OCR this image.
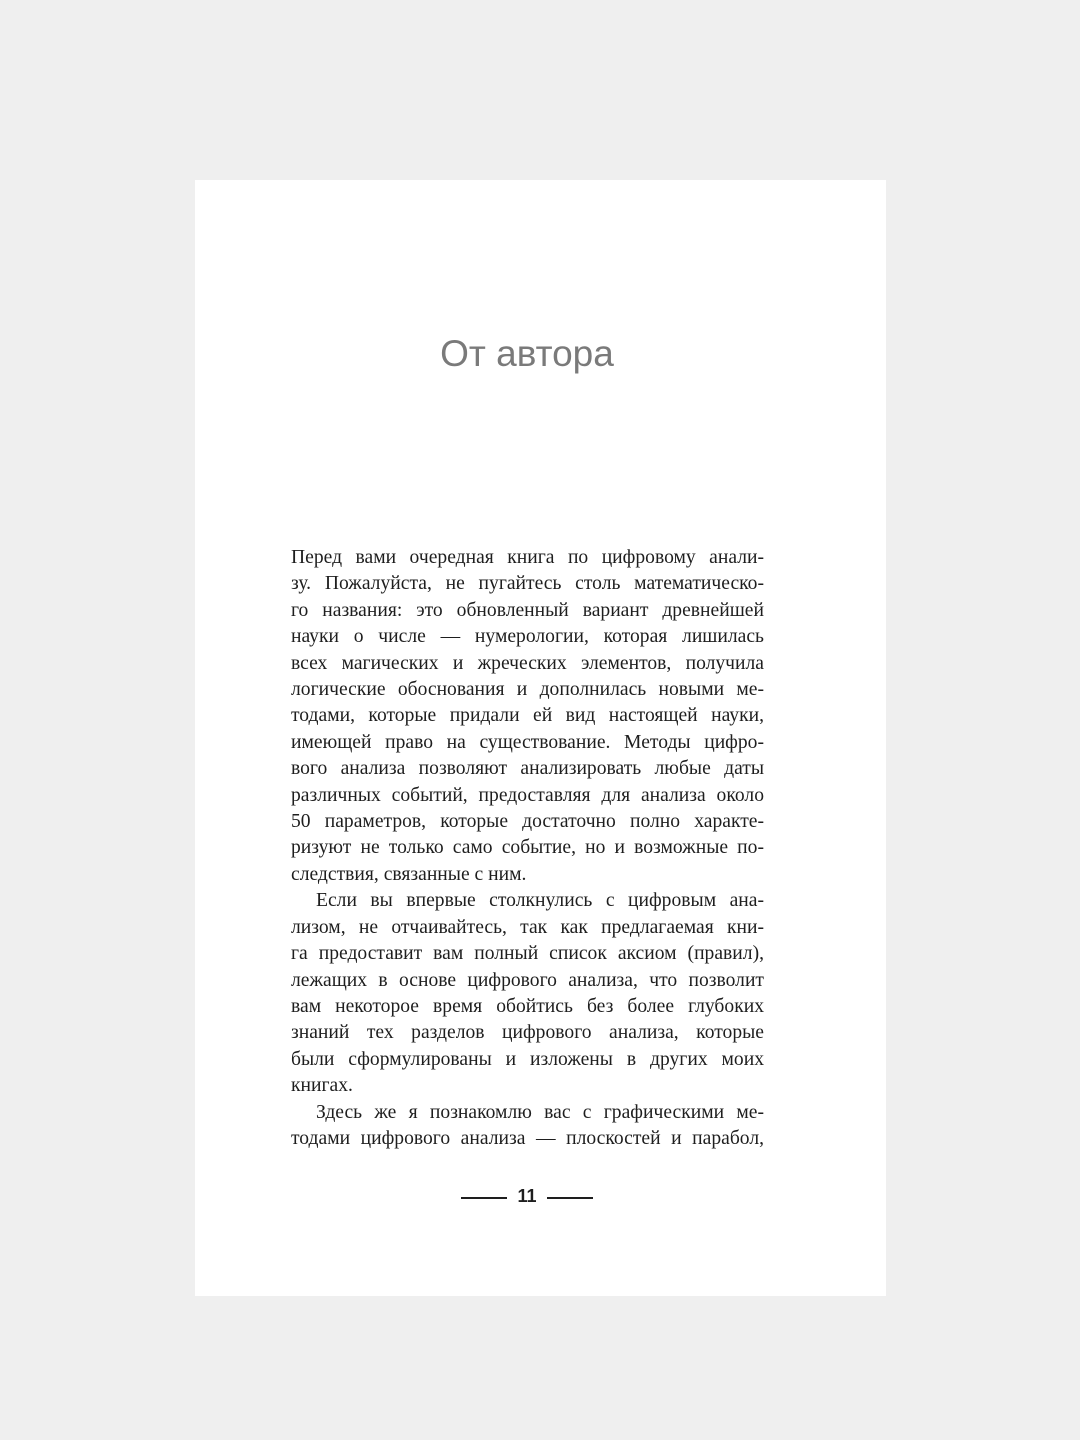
От автора
Перед вами очередная книга по цифровому анали-
зу. Пожалуйста, не пугайтесь столь математическо-
го названия: это обновленный вариант древнейшей
науки о числе — нумерологии, которая лишилась
всех магических и жреческих элементов, получила
логические обоснования и дополнилась новыми ме-
тодами, которые придали ей вид настоящей науки,
имеющей право на существование. Методы цифро-
вого анализа позволяют анализировать любые даты
различных событий, предоставляя для анализа около
50 параметров, которые достаточно полно характе-
ризуют не только само событие, но и возможные по-
следствия, связанные с ним.
Если вы впервые столкнулись с цифровым ана-
лизом, не отчаивайтесь, так как предлагаемая кни-
га предоставит вам полный список аксиом (правил),
лежащих в основе цифрового анализа, что позволит
вам некоторое время обойтись без более глубоких
знаний тех разделов цифрового анализа, которые
были сформулированы и изложены в других моих
книгах.
Здесь же я познакомлю вас с графическими ме-
тодами цифрового анализа — плоскостей и парабол,
11
